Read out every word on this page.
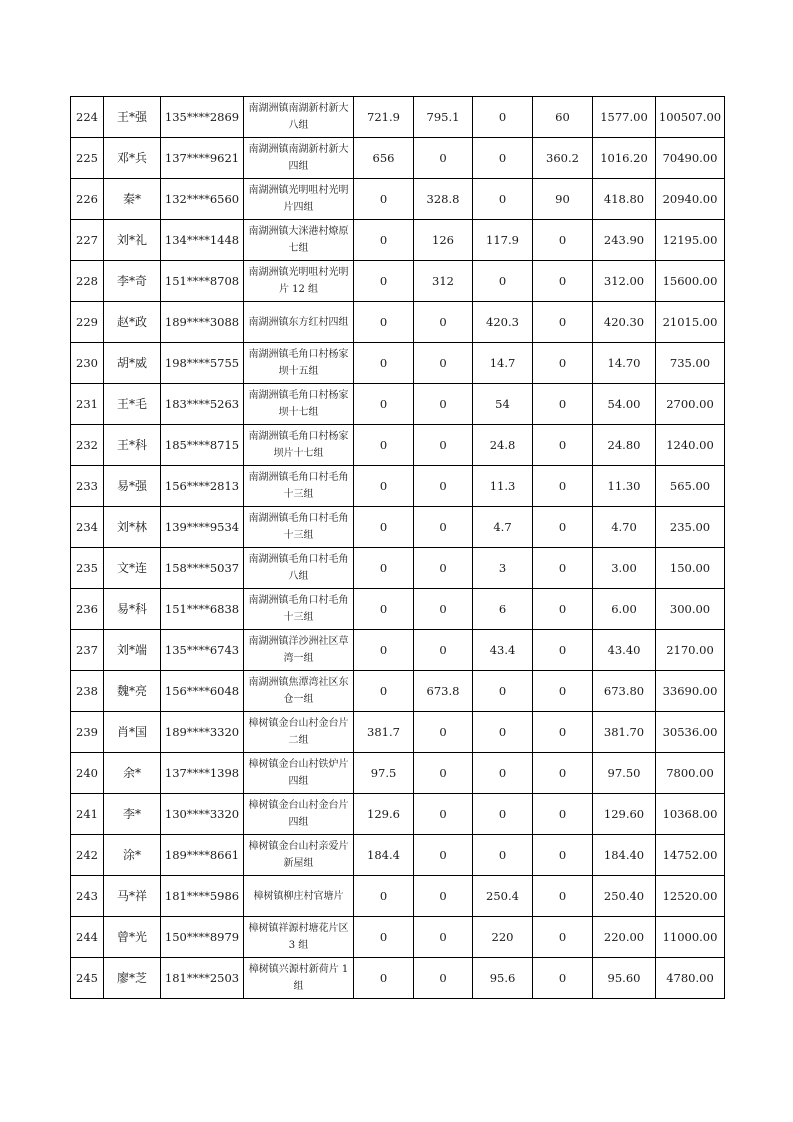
224	王*强	135****2869	南湖洲镇南湖新村新大八组	721.9	795.1	0	60	1577.00	100507.00
225	邓*兵	137****9621	南湖洲镇南湖新村新大四组	656	0	0	360.2	1016.20	70490.00
226	秦*	132****6560	南湖洲镇光明咀村光明片四组	0	328.8	0	90	418.80	20940.00
227	刘*礼	134****1448	南湖洲镇大洣港村燎原七组	0	126	117.9	0	243.90	12195.00
228	李*奇	151****8708	南湖洲镇光明咀村光明片 12 组	0	312	0	0	312.00	15600.00
229	赵*政	189****3088	南湖洲镇东方红村四组	0	0	420.3	0	420.30	21015.00
230	胡*威	198****5755	南湖洲镇毛角口村杨家坝十五组	0	0	14.7	0	14.70	735.00
231	王*毛	183****5263	南湖洲镇毛角口村杨家坝十七组	0	0	54	0	54.00	2700.00
232	王*科	185****8715	南湖洲镇毛角口村杨家坝片十七组	0	0	24.8	0	24.80	1240.00
233	易*强	156****2813	南湖洲镇毛角口村毛角十三组	0	0	11.3	0	11.30	565.00
234	刘*林	139****9534	南湖洲镇毛角口村毛角十三组	0	0	4.7	0	4.70	235.00
235	文*连	158****5037	南湖洲镇毛角口村毛角八组	0	0	3	0	3.00	150.00
236	易*科	151****6838	南湖洲镇毛角口村毛角十三组	0	0	6	0	6.00	300.00
237	刘*端	135****6743	南湖洲镇洋沙洲社区草湾一组	0	0	43.4	0	43.40	2170.00
238	魏*亮	156****6048	南湖洲镇焦潭湾社区东仓一组	0	673.8	0	0	673.80	33690.00
239	肖*国	189****3320	樟树镇金台山村金台片二组	381.7	0	0	0	381.70	30536.00
240	余*	137****1398	樟树镇金台山村铁炉片四组	97.5	0	0	0	97.50	7800.00
241	李*	130****3320	樟树镇金台山村金台片四组	129.6	0	0	0	129.60	10368.00
242	涂*	189****8661	樟树镇金台山村亲爱片新屋组	184.4	0	0	0	184.40	14752.00
243	马*祥	181****5986	樟树镇柳庄村官塘片	0	0	250.4	0	250.40	12520.00
244	曾*光	150****8979	樟树镇祥源村塘花片区 3 组	0	0	220	0	220.00	11000.00
245	廖*芝	181****2503	樟树镇兴源村新荷片 1 组	0	0	95.6	0	95.60	4780.00
